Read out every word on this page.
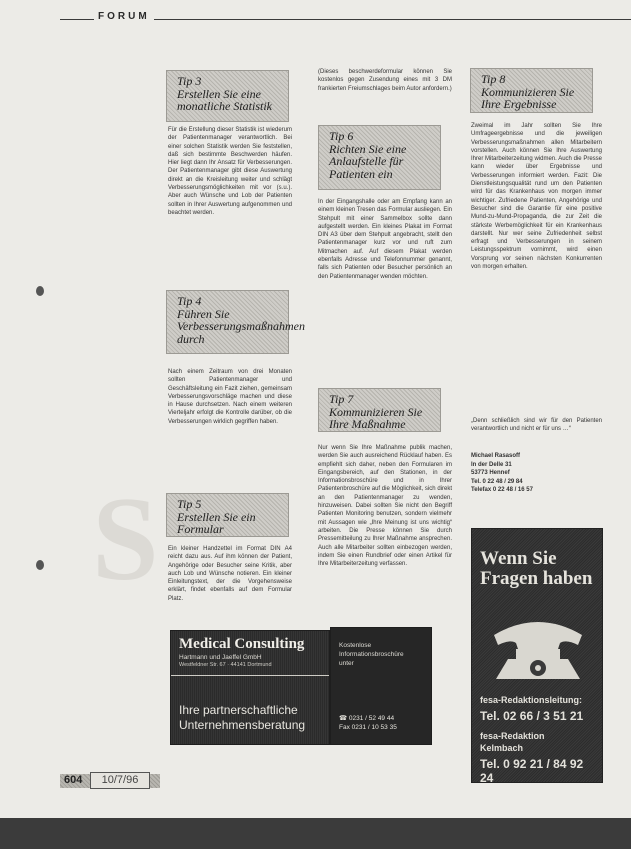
FORUM
S
Tip 3
Erstellen Sie eine monatliche Statistik

Für die Erstellung dieser Statistik ist wiederum der Patientenmanager verantwortlich. Bei einer solchen Statistik werden Sie feststellen, daß sich bestimmte Beschwerden häufen. Hier liegt dann Ihr Ansatz für Verbesserungen. Der Patientenmanager gibt diese Auswertung direkt an die Kreisleitung weiter und schlägt Verbesserungsmöglichkeiten mit vor (s.u.). Aber auch Wünsche und Lob der Patienten sollten in Ihrer Auswertung aufgenommen und beachtet werden.

Tip 4
Führen Sie Verbesserungsmaßnahmen durch

Nach einem Zeitraum von drei Monaten sollten Patientenmanager und Geschäftsleitung ein Fazit ziehen, gemeinsam Verbesserungsvorschläge machen und diese in Hause durchsetzen. Nach einem weiteren Vierteljahr erfolgt die Kontrolle darüber, ob die Verbesserungen wirklich gegriffen haben.

Tip 5
Erstellen Sie ein Formular

Ein kleiner Handzettel im Format DIN A4 reicht dazu aus. Auf ihm können der Patient, Angehörige oder Besucher seine Kritik, aber auch Lob und Wünsche notieren. Ein kleiner Einleitungstext, der die Vorgehensweise erklärt, findet ebenfalls auf dem Formular Platz.

(Dieses beschwerdeformular können Sie kostenlos gegen Zusendung eines mit 3 DM frankierten Freiumschlages beim Autor anfordern.)

Tip 6
Richten Sie eine Anlaufstelle für Patienten ein

In der Eingangshalle oder am Empfang kann an einem kleinen Tresen das Formular ausliegen. Ein Stehpult mit einer Sammelbox sollte dann aufgestellt werden. Ein kleines Plakat im Format DIN A3 über dem Stehpult angebracht, stellt den Patientenmanager kurz vor und ruft zum Mitmachen auf. Auf diesem Plakat werden ebenfalls Adresse und Telefonnummer genannt, falls sich Patienten oder Besucher persönlich an den Patientenmanager wenden möchten.

Tip 7
Kommunizieren Sie Ihre Maßnahme

Nur wenn Sie Ihre Maßnahme publik machen, werden Sie auch ausreichend Rücklauf haben. Es empfiehlt sich daher, neben den Formularen im Eingangsbereich, auf den Stationen, in der Informationsbroschüre und in Ihrer Patientenbroschüre auf die Möglichkeit, sich direkt an den Patientenmanager zu wenden, hinzuweisen. Dabei sollten Sie nicht den Begriff Patienten Monitoring benutzen, sondern vielmehr mit Aussagen wie „Ihre Meinung ist uns wichtig“ arbeiten. Die Presse können Sie durch Pressemitteilung zu Ihrer Maßnahme ansprechen. Auch alle Mitarbeiter sollten einbezogen werden, indem Sie einen Rundbrief oder einen Artikel für Ihre Mitarbeiterzeitung verfassen.

Tip 8
Kommunizieren Sie Ihre Ergebnisse

Zweimal im Jahr sollten Sie Ihre Umfrageergebnisse und die jeweiligen Verbesserungsmaßnahmen allen Mitarbeitern vorstellen. Auch können Sie Ihre Auswertung Ihrer Mitarbeiterzeitung widmen. Auch die Presse kann wieder über Ergebnisse und Verbesserungen informiert werden. Fazit: Die Dienstleistungsqualität rund um den Patienten wird für das Krankenhaus von morgen immer wichtiger. Zufriedene Patienten, Angehörige und Besucher sind die Garantie für eine positive Mund-zu-Mund-Propaganda, die zur Zeit die stärkste Werbemöglichkeit für ein Krankenhaus darstellt. Nur wer seine Zufriedenheit selbst erfragt und Verbesserungen in seinem Leistungsspektrum vornimmt, wird einen Vorsprung vor seinen nächsten Konkurrenten von morgen erhalten.

„Denn schließlich sind wir für den Patienten verantwortlich und nicht er für uns …“

Michael Rasasoff
In der Delle 31
53773 Hennef
Tel. 0 22 48 / 29 84
Telefax 0 22 48 / 16 57
Wenn Sie Fragen haben
fesa-Redaktionsleitung:
Tel. 02 66 / 3 51 21
fesa-Redaktion
Kelmbach
Tel. 0 92 21 / 84 92 24
Medical Consulting
Hartmann und Jaeffel GmbH
Westfeldner Str. 67 · 44141 Dortmund
Ihre partnerschaftliche Unternehmensberatung
Kostenlose
Informationsbroschüre
unter
☎ 0231 / 52 49 44
Fax 0231 / 10 53 35
604	10/7/96
